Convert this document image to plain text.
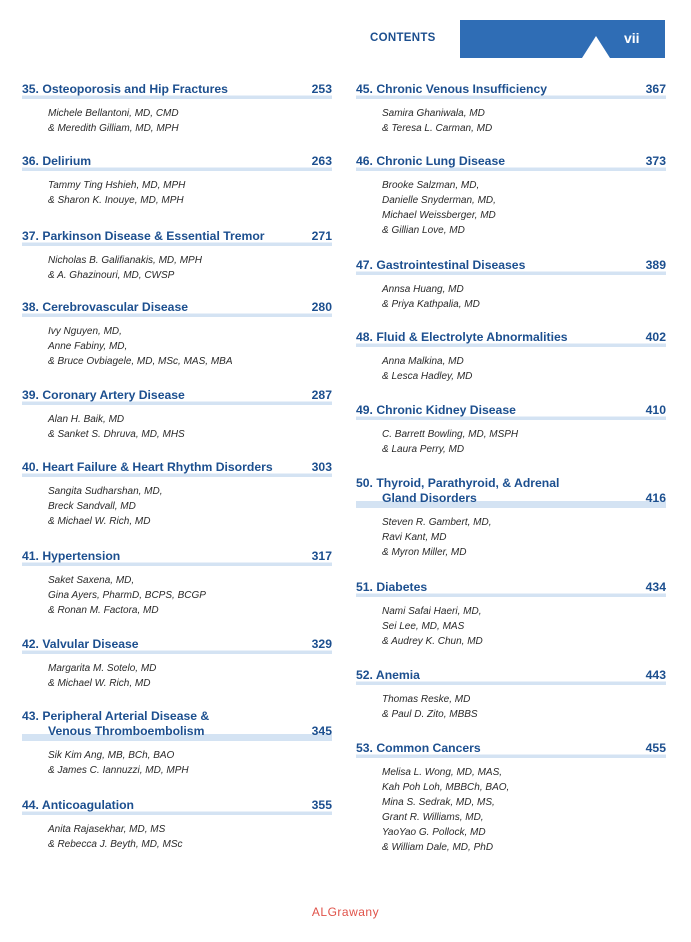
CONTENTS	vii
35. Osteoporosis and Hip Fractures	253
Michele Bellantoni, MD, CMD
& Meredith Gilliam, MD, MPH
36. Delirium	263
Tammy Ting Hshieh, MD, MPH
& Sharon K. Inouye, MD, MPH
37. Parkinson Disease & Essential Tremor	271
Nicholas B. Galifianakis, MD, MPH
& A. Ghazinouri, MD, CWSP
38. Cerebrovascular Disease	280
Ivy Nguyen, MD,
Anne Fabiny, MD,
& Bruce Ovbiagele, MD, MSc, MAS, MBA
39. Coronary Artery Disease	287
Alan H. Baik, MD
& Sanket S. Dhruva, MD, MHS
40. Heart Failure & Heart Rhythm Disorders	303
Sangita Sudharshan, MD,
Breck Sandvall, MD
& Michael W. Rich, MD
41. Hypertension	317
Saket Saxena, MD,
Gina Ayers, PharmD, BCPS, BCGP
& Ronan M. Factora, MD
42. Valvular Disease	329
Margarita M. Sotelo, MD
& Michael W. Rich, MD
43. Peripheral Arterial Disease &
Venous Thromboembolism	345
Sik Kim Ang, MB, BCh, BAO
& James C. Iannuzzi, MD, MPH
44. Anticoagulation	355
Anita Rajasekhar, MD, MS
& Rebecca J. Beyth, MD, MSc
45. Chronic Venous Insufficiency	367
Samira Ghaniwala, MD
& Teresa L. Carman, MD
46. Chronic Lung Disease	373
Brooke Salzman, MD,
Danielle Snyderman, MD,
Michael Weissberger, MD
& Gillian Love, MD
47. Gastrointestinal Diseases	389
Annsa Huang, MD
& Priya Kathpalia, MD
48. Fluid & Electrolyte Abnormalities	402
Anna Malkina, MD
& Lesca Hadley, MD
49. Chronic Kidney Disease	410
C. Barrett Bowling, MD, MSPH
& Laura Perry, MD
50. Thyroid, Parathyroid, & Adrenal
Gland Disorders	416
Steven R. Gambert, MD,
Ravi Kant, MD
& Myron Miller, MD
51. Diabetes	434
Nami Safai Haeri, MD,
Sei Lee, MD, MAS
& Audrey K. Chun, MD
52. Anemia	443
Thomas Reske, MD
& Paul D. Zito, MBBS
53. Common Cancers	455
Melisa L. Wong, MD, MAS,
Kah Poh Loh, MBBCh, BAO,
Mina S. Sedrak, MD, MS,
Grant R. Williams, MD,
YaoYao G. Pollock, MD
& William Dale, MD, PhD
ALGrawany
